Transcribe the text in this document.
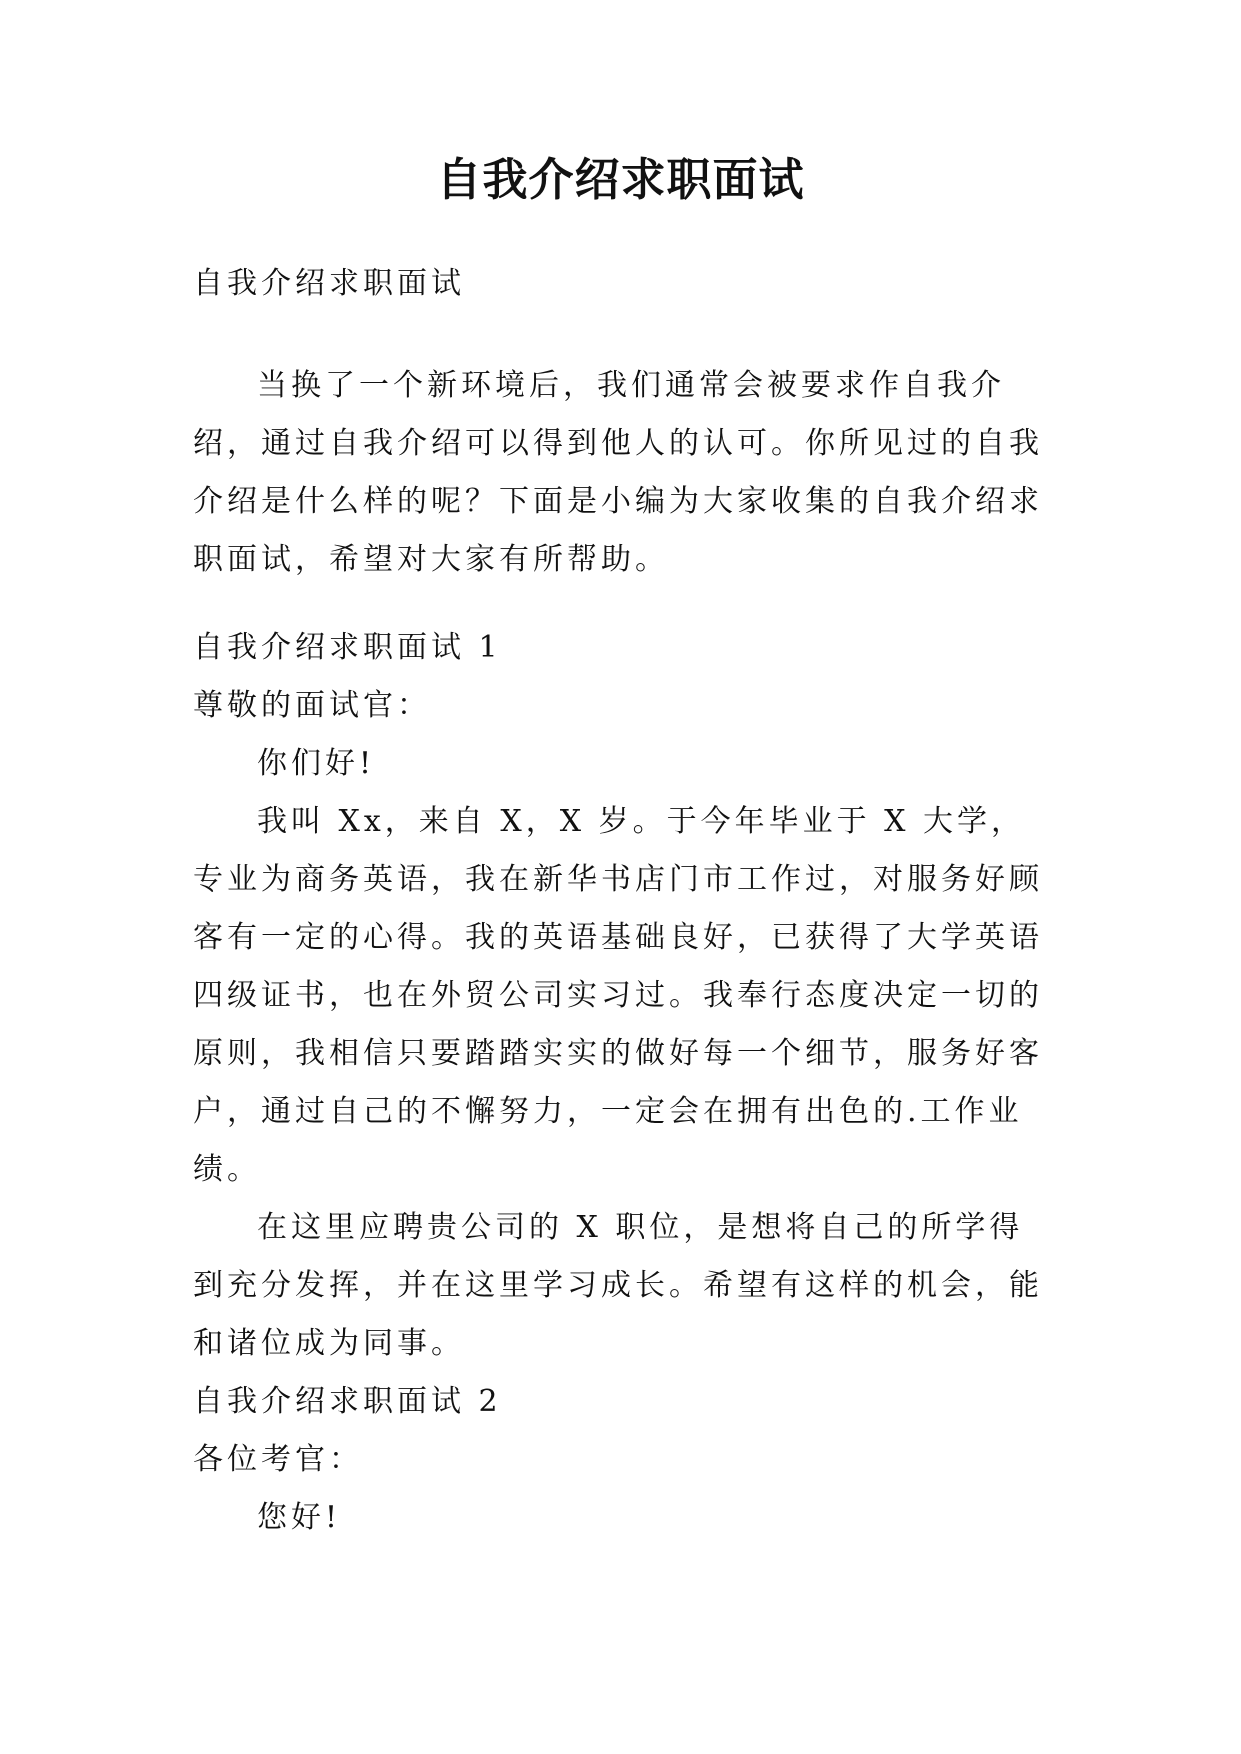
自我介绍求职面试

自我介绍求职面试

当换了一个新环境后，我们通常会被要求作自我介绍，通过自我介绍可以得到他人的认可。你所见过的自我介绍是什么样的呢？下面是小编为大家收集的自我介绍求职面试，希望对大家有所帮助。

自我介绍求职面试 1

尊敬的面试官：

你们好!

我叫 Xx，来自 X，X 岁。于今年毕业于 X 大学，专业为商务英语，我在新华书店门市工作过，对服务好顾客有一定的心得。我的英语基础良好，已获得了大学英语四级证书，也在外贸公司实习过。我奉行态度决定一切的原则，我相信只要踏踏实实的做好每一个细节，服务好客户，通过自己的不懈努力，一定会在拥有出色的.工作业绩。

在这里应聘贵公司的 X 职位，是想将自己的所学得到充分发挥，并在这里学习成长。希望有这样的机会，能和诸位成为同事。

自我介绍求职面试 2

各位考官：

您好!
